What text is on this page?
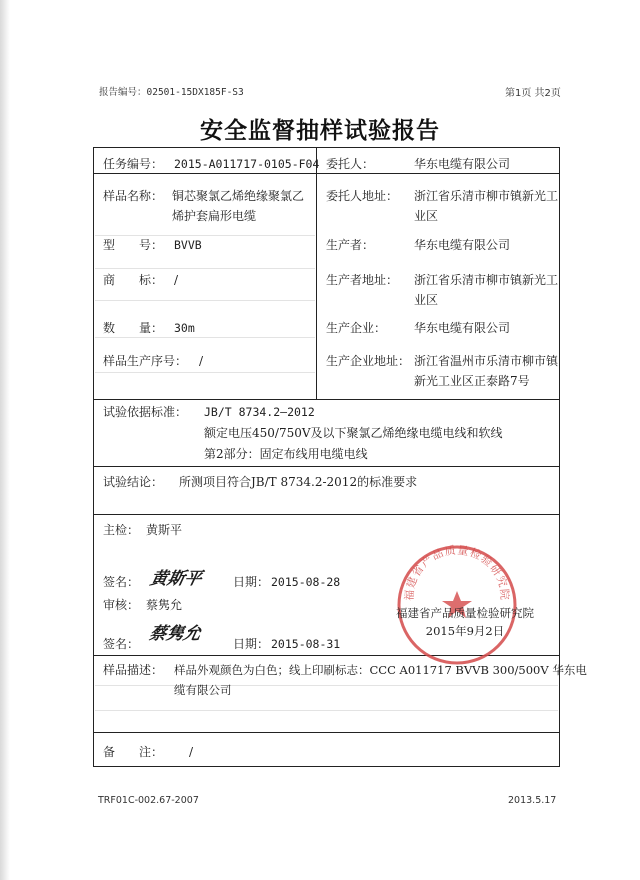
报告编号：02501-15DX185F-S3	第1页 共2页
安全监督抽样试验报告
任务编号： 2015-A011717-0105-F04
样品名称： 铜芯聚氯乙烯绝缘聚氯乙
烯护套扁形电缆
型　　号： BVVB
商　　标： /
数　　量： 30m
样品生产序号： /
委托人：	华东电缆有限公司
委托人地址： 浙江省乐清市柳市镇新光工
业区
生产者：	华东电缆有限公司
生产者地址： 浙江省乐清市柳市镇新光工
业区
生产企业： 华东电缆有限公司
生产企业地址： 浙江省温州市乐清市柳市镇
新光工业区正泰路7号
试验依据标准： JB/T 8734.2—2012
额定电压450/750V及以下聚氯乙烯绝缘电缆电线和软线
第2部分：固定布线用电缆电线
试验结论： 所测项目符合JB/T 8734.2-2012的标准要求
主检： 黄斯平
黄斯平
签名：	日期： 2015-08-28
审核： 蔡隽允
蔡隽允
签名：	日期： 2015-08-31
福建省产品质量检验研究院
福建省产品质量检验研究院
2015年9月2日
样品描述： 样品外观颜色为白色；线上印刷标志：CCC A011717 BVVB 300/500V 华东电
缆有限公司
备　　注： /
TRF01C-002.67-2007	2013.5.17
